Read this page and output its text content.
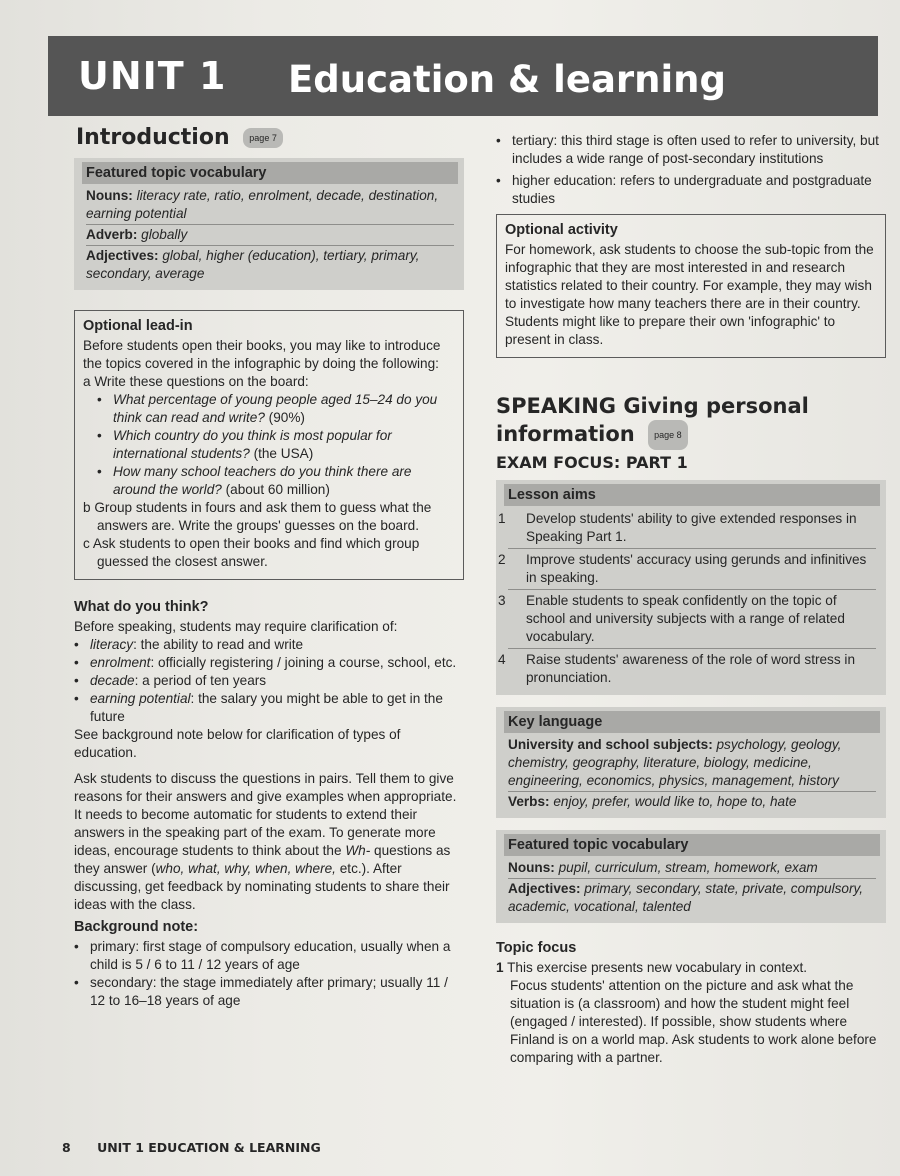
UNIT 1 Education & learning
Introduction page 7
Featured topic vocabulary
Nouns: literacy rate, ratio, enrolment, decade, destination, earning potential
Adverb: globally
Adjectives: global, higher (education), tertiary, primary, secondary, average
Optional lead-in
Before students open their books, you may like to introduce the topics covered in the infographic by doing the following:
a Write these questions on the board:
• What percentage of young people aged 15–24 do you think can read and write? (90%)
• Which country do you think is most popular for international students? (the USA)
• How many school teachers do you think there are around the world? (about 60 million)
b Group students in fours and ask them to guess what the answers are. Write the groups' guesses on the board.
c Ask students to open their books and find which group guessed the closest answer.
What do you think?
Before speaking, students may require clarification of:
• literacy: the ability to read and write
• enrolment: officially registering / joining a course, school, etc.
• decade: a period of ten years
• earning potential: the salary you might be able to get in the future
See background note below for clarification of types of education.
Ask students to discuss the questions in pairs. Tell them to give reasons for their answers and give examples when appropriate. It needs to become automatic for students to extend their answers in the speaking part of the exam. To generate more ideas, encourage students to think about the Wh- questions as they answer (who, what, why, when, where, etc.). After discussing, get feedback by nominating students to share their ideas with the class.
Background note:
• primary: first stage of compulsory education, usually when a child is 5 / 6 to 11 / 12 years of age
• secondary: the stage immediately after primary; usually 11 / 12 to 16–18 years of age
• tertiary: this third stage is often used to refer to university, but includes a wide range of post-secondary institutions
• higher education: refers to undergraduate and postgraduate studies
Optional activity
For homework, ask students to choose the sub-topic from the infographic that they are most interested in and research statistics related to their country. For example, they may wish to investigate how many teachers there are in their country. Students might like to prepare their own 'infographic' to present in class.
SPEAKING Giving personal
information page 8
EXAM FOCUS: PART 1
Lesson aims
1 Develop students' ability to give extended responses in Speaking Part 1.
2 Improve students' accuracy using gerunds and infinitives in speaking.
3 Enable students to speak confidently on the topic of school and university subjects with a range of related vocabulary.
4 Raise students' awareness of the role of word stress in pronunciation.
Key language
University and school subjects: psychology, geology, chemistry, geography, literature, biology, medicine, engineering, economics, physics, management, history
Verbs: enjoy, prefer, would like to, hope to, hate
Featured topic vocabulary
Nouns: pupil, curriculum, stream, homework, exam
Adjectives: primary, secondary, state, private, compulsory, academic, vocational, talented
Topic focus
1 This exercise presents new vocabulary in context.
Focus students' attention on the picture and ask what the situation is (a classroom) and how the student might feel (engaged / interested). If possible, show students where Finland is on a world map. Ask students to work alone before comparing with a partner.
8 UNIT 1 EDUCATION & LEARNING
